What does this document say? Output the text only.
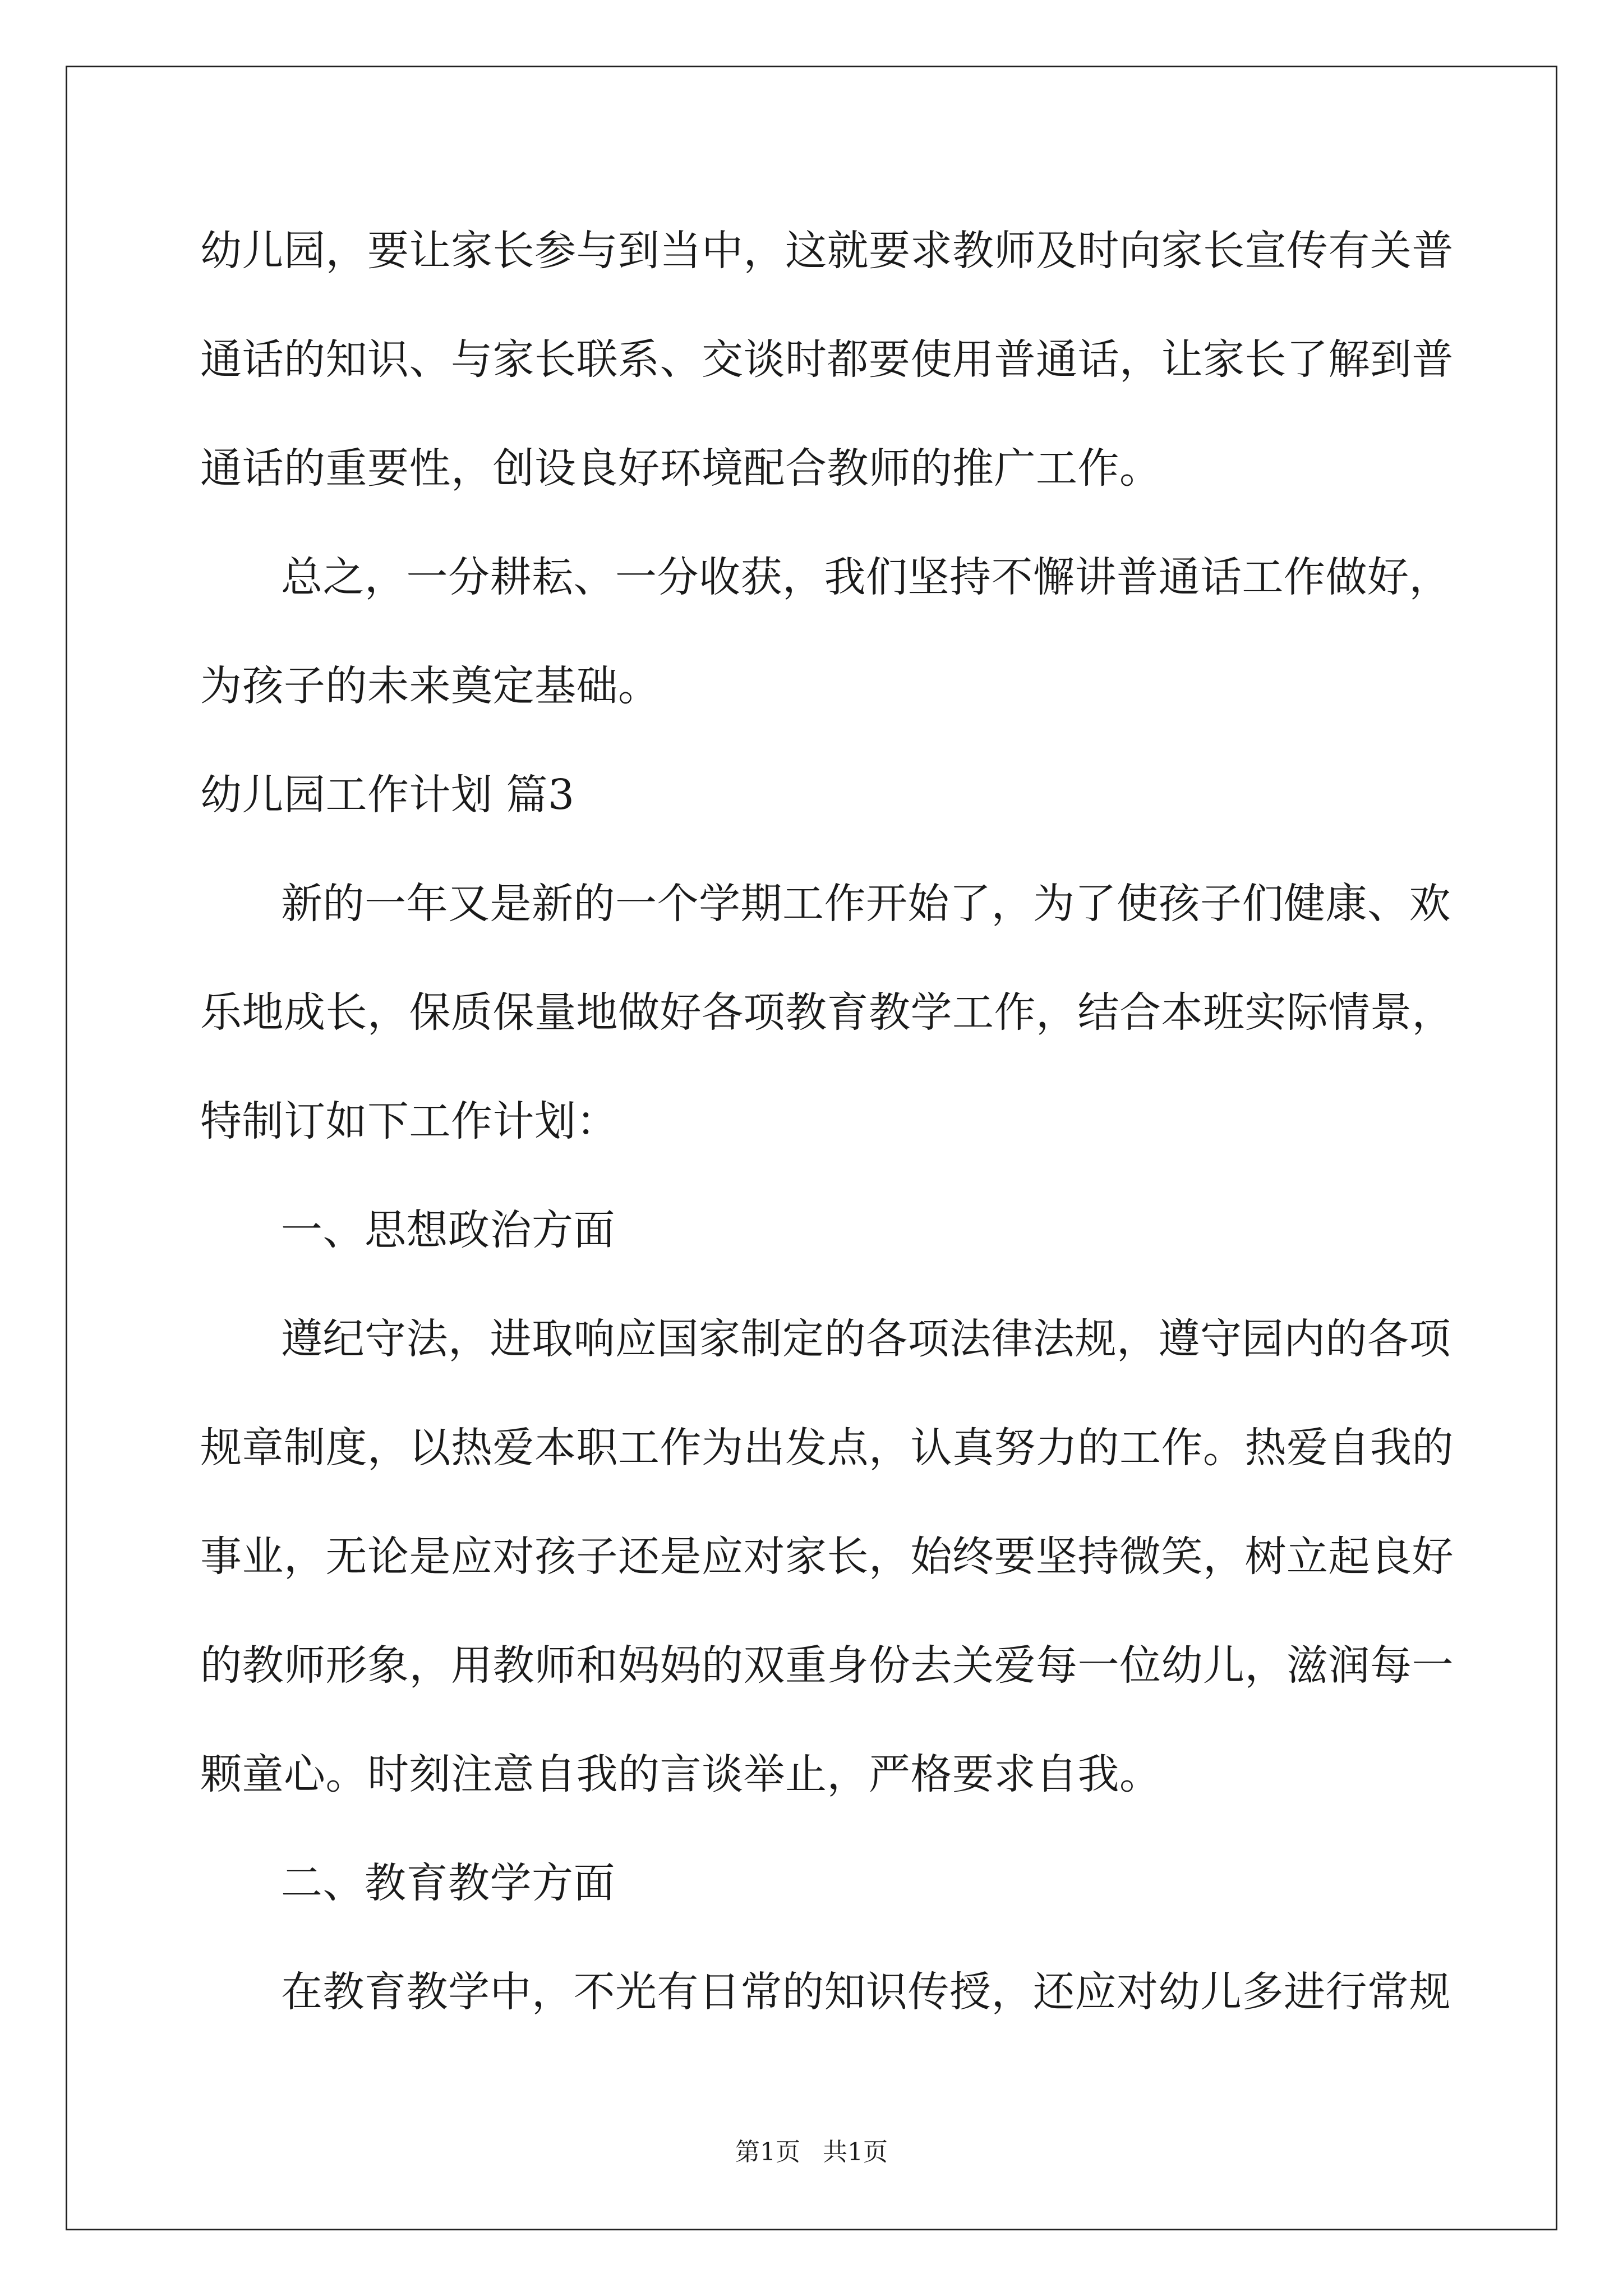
幼儿园，要让家长参与到当中，这就要求教师及时向家长宣传有关普
通话的知识、与家长联系、交谈时都要使用普通话，让家长了解到普
通话的重要性，创设良好环境配合教师的推广工作。
总之，一分耕耘、一分收获，我们坚持不懈讲普通话工作做好，
为孩子的未来奠定基础。
幼儿园工作计划 篇3
新的一年又是新的一个学期工作开始了，为了使孩子们健康、欢
乐地成长，保质保量地做好各项教育教学工作，结合本班实际情景，
特制订如下工作计划：
一、思想政治方面
遵纪守法，进取响应国家制定的各项法律法规，遵守园内的各项
规章制度，以热爱本职工作为出发点，认真努力的工作。热爱自我的
事业，无论是应对孩子还是应对家长，始终要坚持微笑，树立起良好
的教师形象，用教师和妈妈的双重身份去关爱每一位幼儿，滋润每一
颗童心。时刻注意自我的言谈举止，严格要求自我。
二、教育教学方面
在教育教学中，不光有日常的知识传授，还应对幼儿多进行常规
第1页 共1页
